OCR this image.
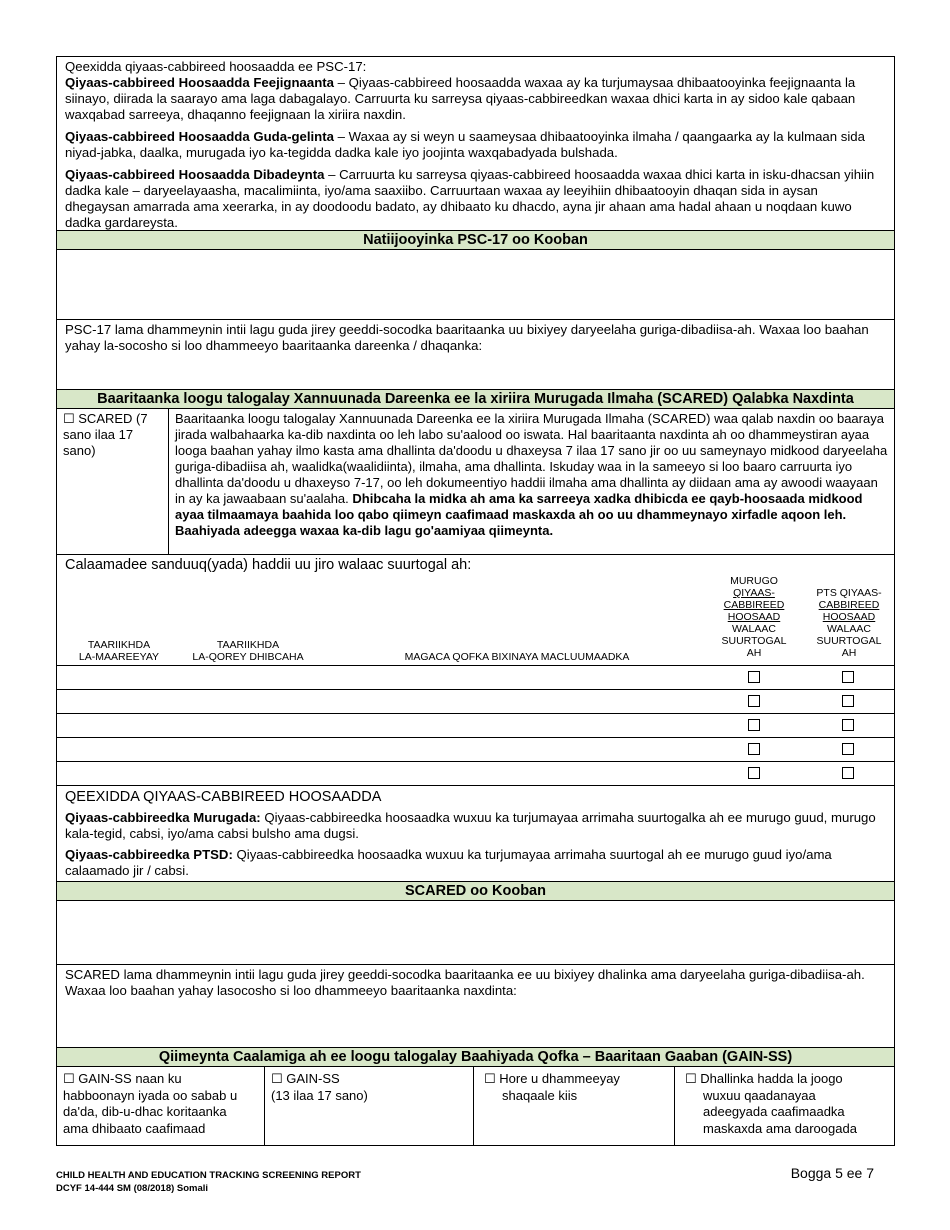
Qeexidda qiyaas-cabbireed hoosaadda ee PSC-17:

Qiyaas-cabbireed Hoosaadda Feejignaanta – Qiyaas-cabbireed hoosaadda waxaa ay ka turjumaysaa dhibaatooyinka feejignaanta la siinayo, diirada la saarayo ama laga dabagalayo. Carruurta ku sarreysa qiyaas-cabbireedkan waxaa dhici karta in ay sidoo kale qabaan waxqabad sarreeya, dhaqanno feejignaan la xiriira naxdin.

Qiyaas-cabbireed Hoosaadda Guda-gelinta – Waxaa ay si weyn u saameysaa dhibaatooyinka ilmaha / qaangaarka ay la kulmaan sida niyad-jabka, daalka, murugada iyo ka-tegidda dadka kale iyo joojinta waxqabadyada bulshada.

Qiyaas-cabbireed Hoosaadda Dibadeynta – Carruurta ku sarreysa qiyaas-cabbireed hoosaadda waxaa dhici karta in isku-dhacsan yihiin dadka kale – daryeelayaasha, macalimiinta, iyo/ama saaxiibo. Carruurtaan waxaa ay leeyihiin dhibaatooyin dhaqan sida in aysan dhegaysan amarrada ama xeerarka, in ay doodoodu badato, ay dhibaato ku dhacdo, ayna jir ahaan ama hadal ahaan u noqdaan kuwo dadka gardareysta.

Natiijooyinka PSC-17 oo Kooban
PSC-17 lama dhammeynin intii lagu guda jirey geeddi-socodka baaritaanka uu bixiyey daryeelaha guriga-dibadiisa-ah. Waxaa loo baahan yahay la-socosho si loo dhammeeyo baaritaanka dareenka / dhaqanka:
Baaritaanka loogu talogalay Xannuunada Dareenka ee la xiriira Murugada Ilmaha (SCARED) Qalabka Naxdinta
☐ SCARED (7 sano ilaa 17 sano)
Baaritaanka loogu talogalay Xannuunada Dareenka ee la xiriira Murugada Ilmaha (SCARED) waa qalab naxdin oo baaraya jirada walbahaarka ka-dib naxdinta oo leh labo su'aalood oo iswata. Hal baaritaanta naxdinta ah oo dhammeystiran ayaa looga baahan yahay ilmo kasta ama dhallinta da'doodu u dhaxeysa 7 ilaa 17 sano jir oo uu sameynayo midkood daryeelaha guriga-dibadiisa ah, waalidka(waalidiinta), ilmaha, ama dhallinta. Iskuday waa in la sameeyo si loo baaro carruurta iyo dhallinta da'doodu u dhaxeyso 7-17, oo leh dokumeentiyo haddii ilmaha ama dhallinta ay diidaan ama ay awoodi waayaan in ay ka jawaabaan su'aalaha. Dhibcaha la midka ah ama ka sarreeya xadka dhibicda ee qayb-hoosaada midkood ayaa tilmaamaya baahida loo qabo qiimeyn caafimaad maskaxda ah oo uu dhammeynayo xirfadle aqoon leh. Baahiyada adeegga waxaa ka-dib lagu go'aamiyaa qiimeynta.
Calaamadee sanduuq(yada) haddii uu jiro walaac suurtogal ah:
TAARIIKHDA
LA-MAAREEYAY
TAARIIKHDA
LA-QOREY DHIBCAHA	MAGACA QOFKA BIXINAYA MACLUUMAADKA
MURUGO
QIYAAS-
CABBIREED
HOOSAAD
WALAAC
SUURTOGAL
AH
PTS QIYAAS-
CABBIREED
HOOSAAD
WALAAC
SUURTOGAL
AH
QEEXIDDA QIYAAS-CABBIREED HOOSAADDA

Qiyaas-cabbireedka Murugada: Qiyaas-cabbireedka hoosaadka wuxuu ka turjumayaa arrimaha suurtogalka ah ee murugo guud, murugo kala-tegid, cabsi, iyo/ama cabsi bulsho ama dugsi.

Qiyaas-cabbireedka PTSD: Qiyaas-cabbireedka hoosaadka wuxuu ka turjumayaa arrimaha suurtogal ah ee murugo guud iyo/ama calaamado jir / cabsi.

SCARED oo Kooban
SCARED lama dhammeynin intii lagu guda jirey geeddi-socodka baaritaanka ee uu bixiyey dhalinka ama daryeelaha guriga-dibadiisa-ah. Waxaa loo baahan yahay lasocosho si loo dhammeeyo baaritaanka naxdinta:
Qiimeynta Caalamiga ah ee loogu talogalay Baahiyada Qofka – Baaritaan Gaaban (GAIN-SS)
☐ GAIN-SS naan ku
habboonayn iyada oo sabab u
da'da, dib-u-dhac koritaanka
ama dhibaato caafimaad
☐ GAIN-SS
(13 ilaa 17 sano)
☐ Hore u dhammeeyay
shaqaale kiis
☐ Dhallinka hadda la joogo
wuxuu qaadanayaa
adeegyada caafimaadka
maskaxda ama daroogada
CHILD HEALTH AND EDUCATION TRACKING SCREENING REPORT
DCYF 14-444 SM (08/2018) Somali
Bogga 5 ee 7
